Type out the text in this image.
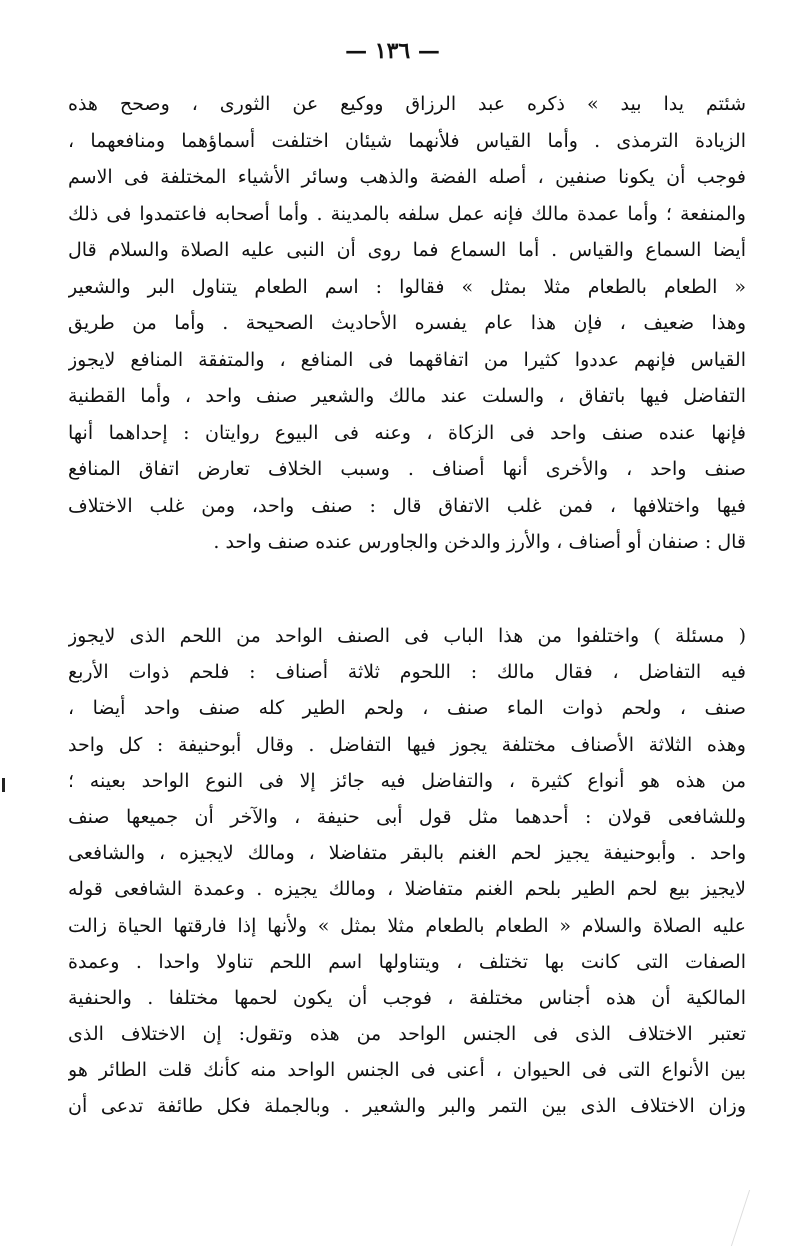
— ١٣٦ —
شئتم يدا بيد » ذكره عبد الرزاق ووكيع عن الثورى ، وصحح هذه
الزيادة الترمذى . وأما القياس فلأنهما شيئان اختلفت أسماؤهما ومنافعهما ،
فوجب أن يكونا صنفين ، أصله الفضة والذهب وسائر الأشياء المختلفة فى الاسم
والمنفعة ؛ وأما عمدة مالك فإنه عمل سلفه بالمدينة . وأما أصحابه فاعتمدوا فى ذلك
أيضا السماع والقياس . أما السماع فما روى أن النبى عليه الصلاة والسلام قال
« الطعام بالطعام مثلا بمثل » فقالوا : اسم الطعام يتناول البر والشعير
وهذا ضعيف ، فإن هذا عام يفسره الأحاديث الصحيحة . وأما من طريق
القياس فإنهم عددوا كثيرا من اتفاقهما فى المنافع ، والمتفقة المنافع لايجوز
التفاضل فيها باتفاق ، والسلت عند مالك والشعير صنف واحد ، وأما القطنية
فإنها عنده صنف واحد فى الزكاة ، وعنه فى البيوع روايتان : إحداهما أنها
صنف واحد ، والأخرى أنها أصناف . وسبب الخلاف تعارض اتفاق المنافع
فيها واختلافها ، فمن غلب الاتفاق قال : صنف واحد، ومن غلب الاختلاف
قال : صنفان أو أصناف ، والأرز والدخن والجاورس عنده صنف واحد .
( مسئلة ) واختلفوا من هذا الباب فى الصنف الواحد من اللحم الذى لايجوز
فيه التفاضل ، فقال مالك : اللحوم ثلاثة أصناف : فلحم ذوات الأربع
صنف ، ولحم ذوات الماء صنف ، ولحم الطير كله صنف واحد أيضا ،
وهذه الثلاثة الأصناف مختلفة يجوز فيها التفاضل . وقال أبوحنيفة : كل واحد
من هذه هو أنواع كثيرة ، والتفاضل فيه جائز إلا فى النوع الواحد بعينه ؛
وللشافعى قولان : أحدهما مثل قول أبى حنيفة ، والآخر أن جميعها صنف
واحد . وأبوحنيفة يجيز لحم الغنم بالبقر متفاضلا ، ومالك لايجيزه ، والشافعى
لايجيز بيع لحم الطير بلحم الغنم متفاضلا ، ومالك يجيزه . وعمدة الشافعى قوله
عليه الصلاة والسلام « الطعام بالطعام مثلا بمثل » ولأنها إذا فارقتها الحياة زالت
الصفات التى كانت بها تختلف ، ويتناولها اسم اللحم تناولا واحدا . وعمدة
المالكية أن هذه أجناس مختلفة ، فوجب أن يكون لحمها مختلفا . والحنفية
تعتبر الاختلاف الذى فى الجنس الواحد من هذه وتقول: إن الاختلاف الذى
بين الأنواع التى فى الحيوان ، أعنى فى الجنس الواحد منه كأنك قلت الطائر هو
وزان الاختلاف الذى بين التمر والبر والشعير . وبالجملة فكل طائفة تدعى أن
